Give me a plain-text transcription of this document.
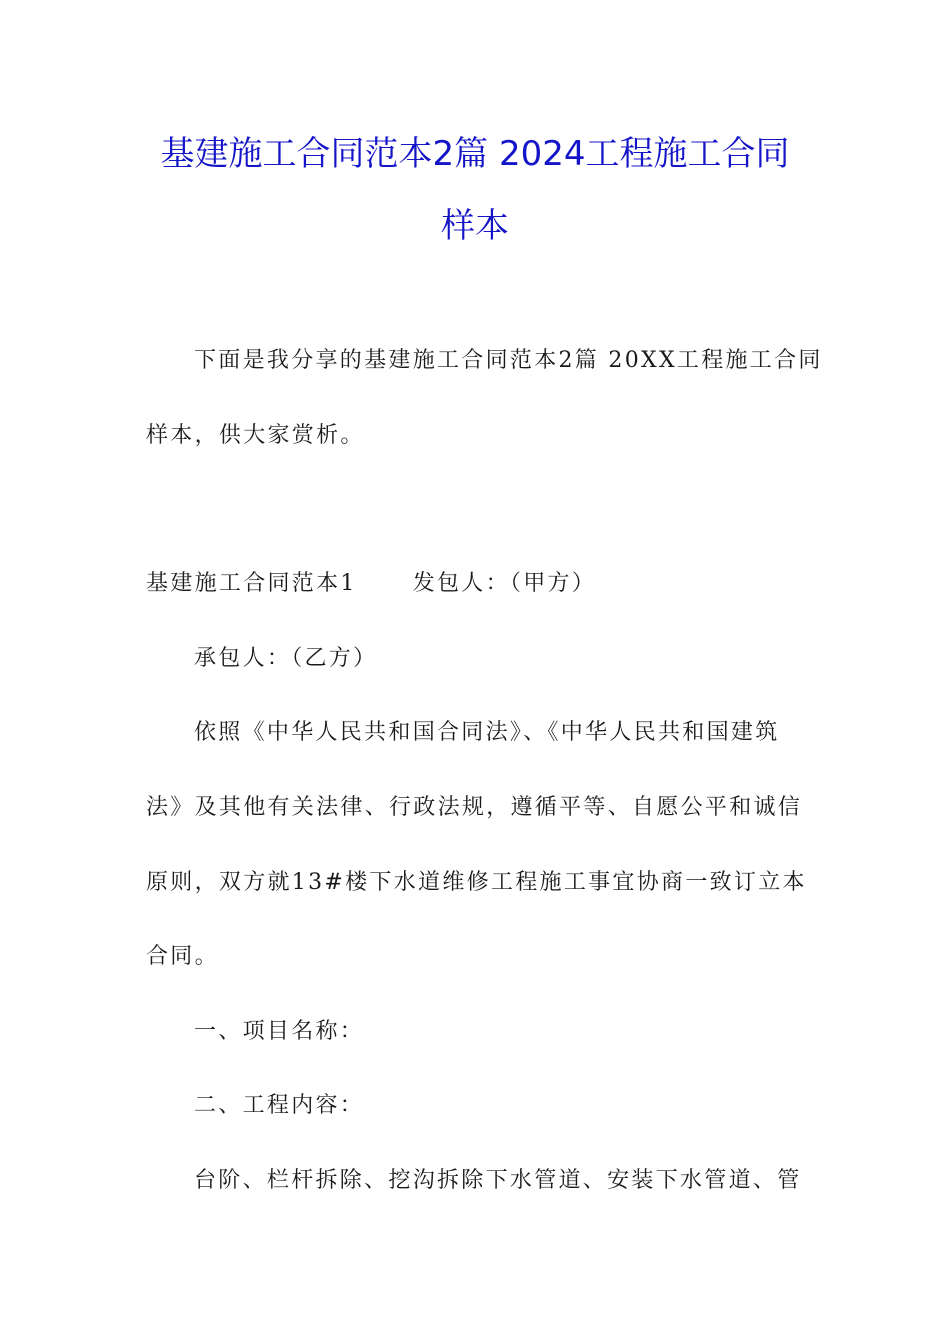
基建施工合同范本2篇 2024工程施工合同
样本
下面是我分享的基建施工合同范本2篇 20XX工程施工合同
样本，供大家赏析。
基建施工合同范本1	发包人：（甲方）
承包人：（乙方）
依照《中华人民共和国合同法》、《中华人民共和国建筑
法》及其他有关法律、行政法规，遵循平等、自愿公平和诚信
原则，双方就13#楼下水道维修工程施工事宜协商一致订立本
合同。
一、项目名称：
二、工程内容：
台阶、栏杆拆除、挖沟拆除下水管道、安装下水管道、管
